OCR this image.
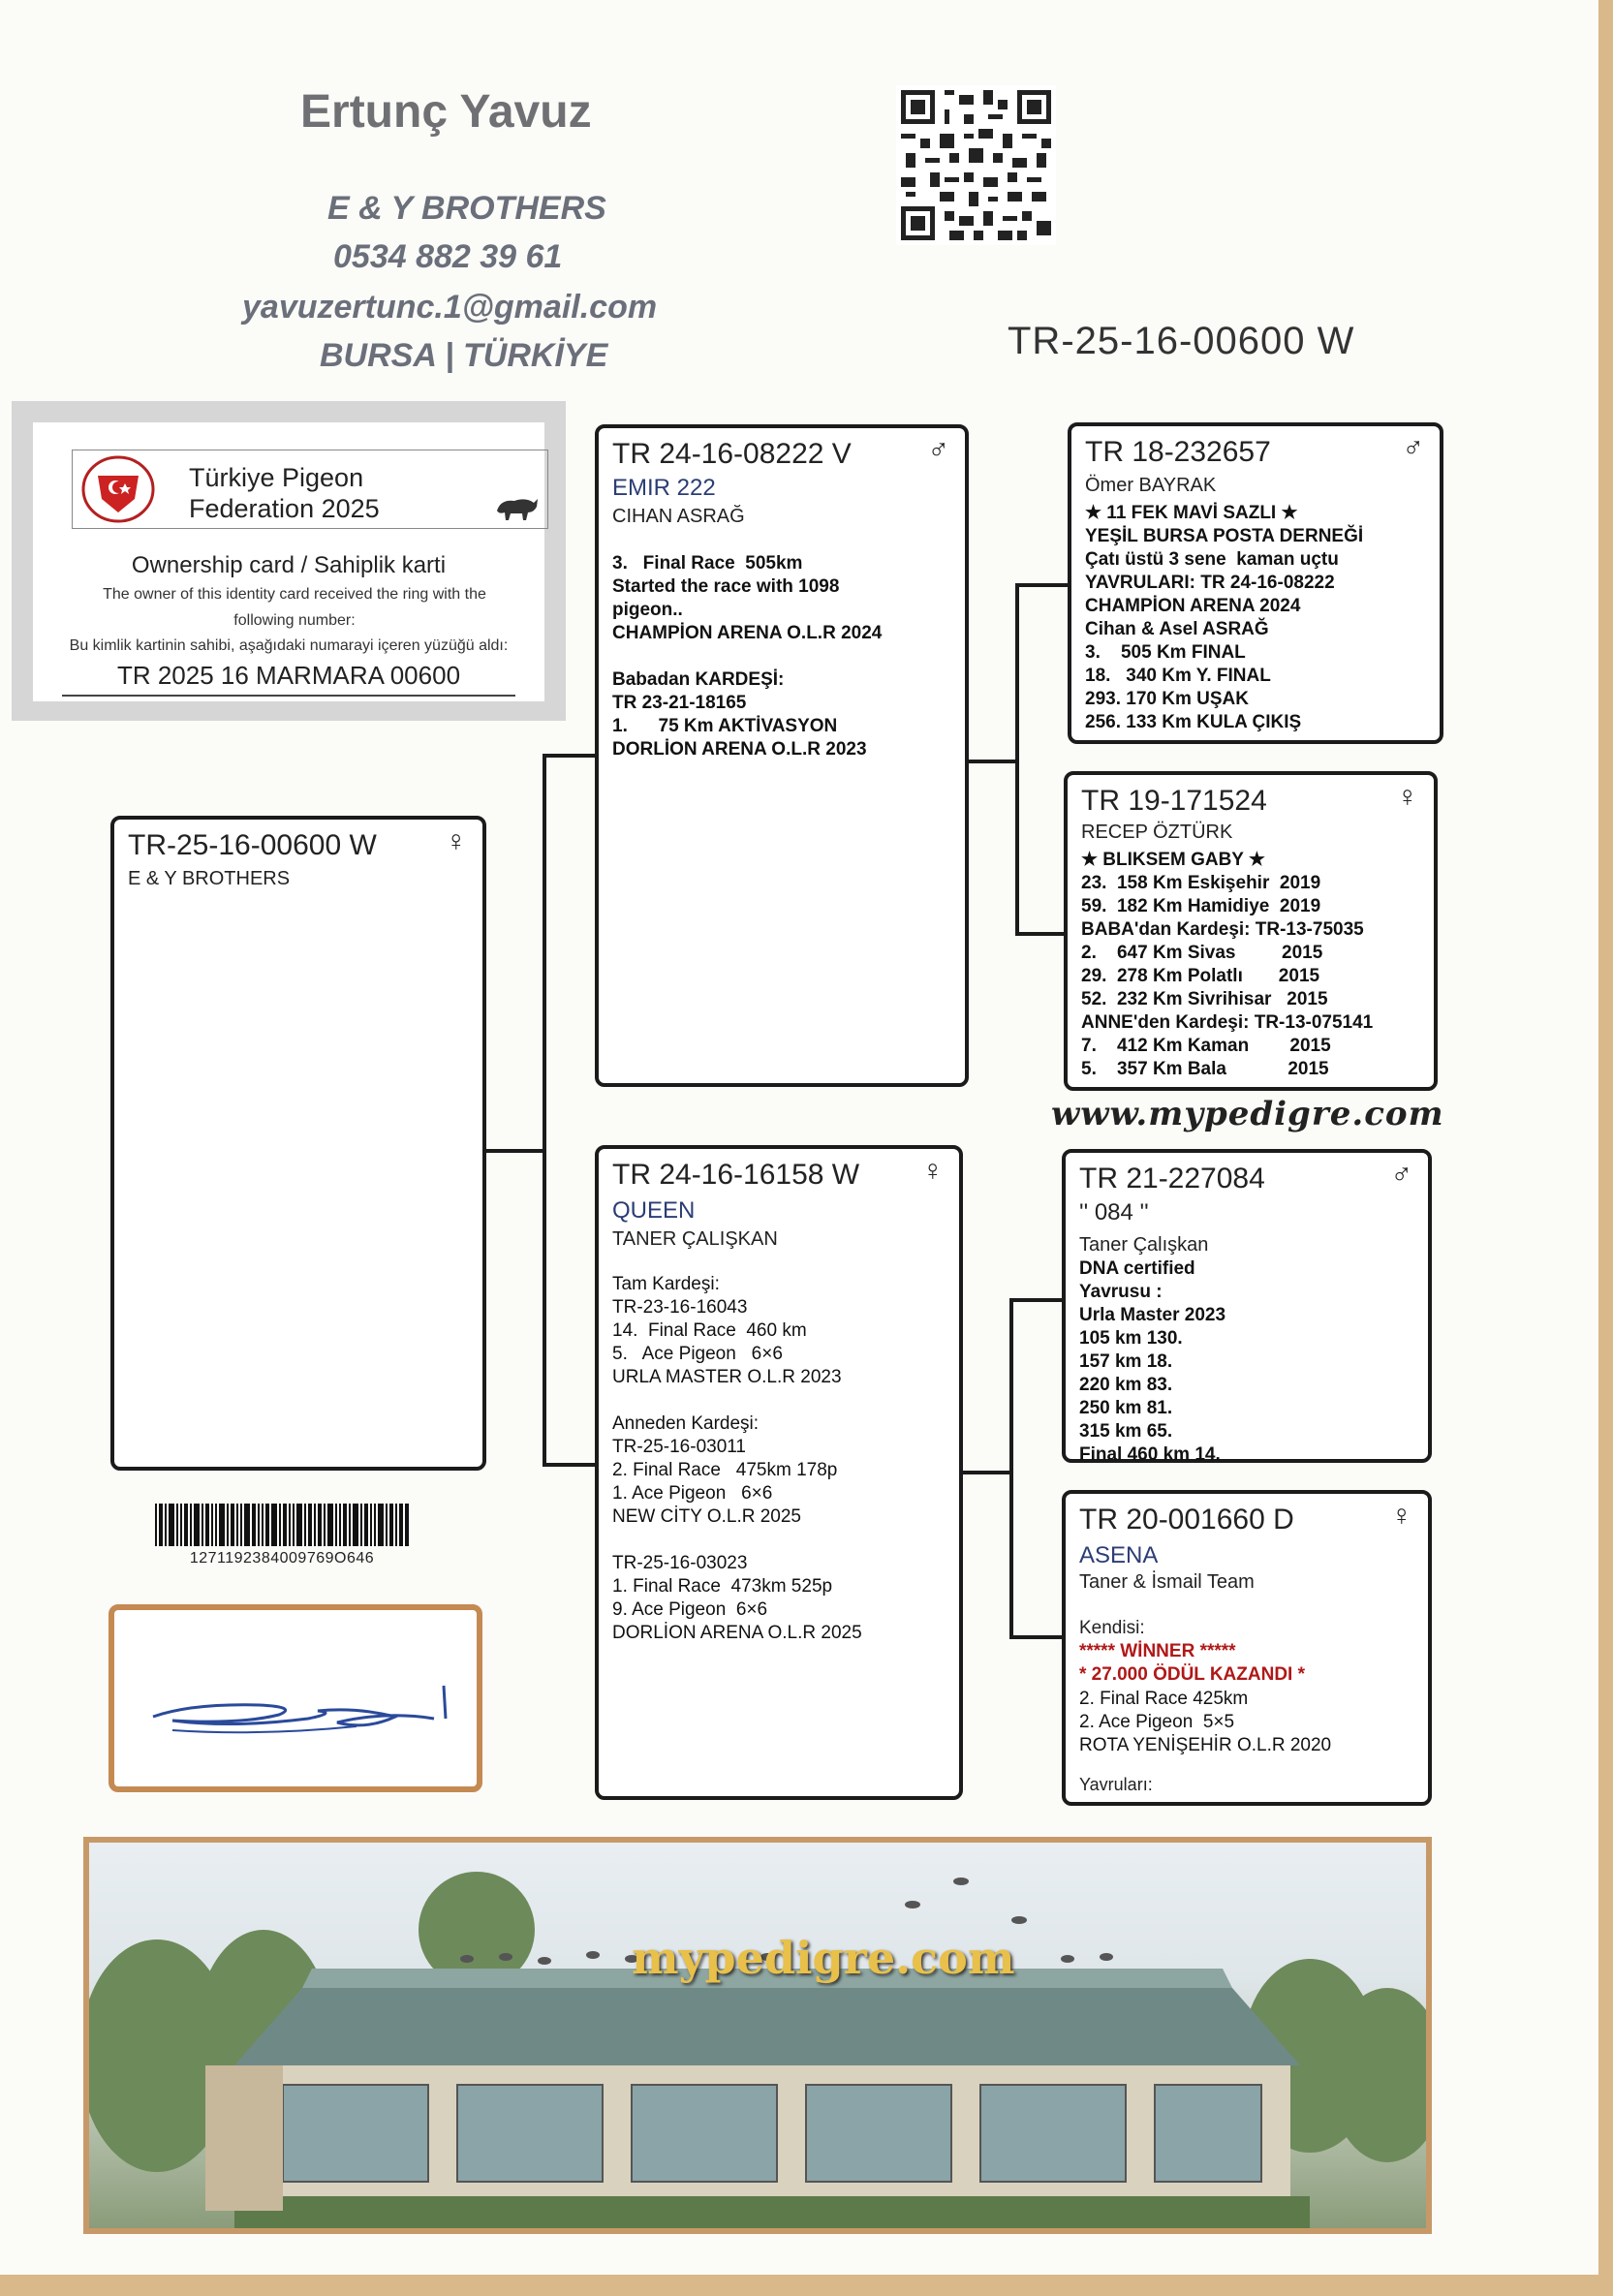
Ertunç Yavuz
E & Y BROTHERS
0534 882 39 61
yavuzertunc.1@gmail.com
BURSA | TÜRKİYE	TR-25-16-00600 W
Türkiye Pigeon
Federation 2025
Ownership card / Sahiplik karti
The owner of this identity card received the ring with the following number:
Bu kimlik kartinin sahibi, aşağıdaki numarayi içeren yüzüğü aldı:
TR 2025 16 MARMARA 00600
TR-25-16-00600 W ♀
E & Y BROTHERS
TR 24-16-08222 V	♂
EMIR 222
CIHAN ASRAĞ
3.   Final Race  505km
Started the race with 1098
pigeon..
CHAMPİON ARENA O.L.R 2024

Babadan KARDEŞİ:
TR 23-21-18165
1.      75 Km AKTİVASYON
DORLİON ARENA O.L.R 2023
TR 24-16-16158 W ♀
QUEEN
TANER ÇALIŞKAN
Tam Kardeşi:
TR-23-16-16043
14.  Final Race  460 km
5.   Ace Pigeon   6×6
URLA MASTER O.L.R 2023

Anneden Kardeşi:
TR-25-16-03011
2. Final Race   475km 178p
1. Ace Pigeon   6×6
NEW CİTY O.L.R 2025

TR-25-16-03023
1. Final Race  473km 525p
9. Ace Pigeon  6×6
DORLİON ARENA O.L.R 2025
TR 18-232657	♂
Ömer BAYRAK
★ 11 FEK MAVİ SAZLI ★
YEŞİL BURSA POSTA DERNEĞİ
Çatı üstü 3 sene  kaman uçtu
YAVRULARI: TR 24-16-08222
CHAMPİON ARENA 2024
Cihan & Asel ASRAĞ
3.    505 Km FINAL
18.   340 Km Y. FINAL
293. 170 Km UŞAK
256. 133 Km KULA ÇIKIŞ
TR 19-171524	♀
RECEP ÖZTÜRK
★ BLIKSEM GABY ★
23.  158 Km Eskişehir  2019
59.  182 Km Hamidiye  2019
BABA'dan Kardeşi: TR-13-75035
2.    647 Km Sivas         2015
29.  278 Km Polatlı       2015
52.  232 Km Sivrihisar   2015
ANNE'den Kardeşi: TR-13-075141
7.    412 Km Kaman        2015
5.    357 Km Bala            2015
www.mypedigre.com
TR 21-227084	♂
'' 084 ''
Taner Çalışkan
DNA certified
Yavrusu :
Urla Master 2023
105 km 130.
157 km 18.
220 km 83.
250 km 81.
315 km 65.
Final 460 km 14.
TR 20-001660 D	♀
ASENA
Taner & İsmail Team
Kendisi:
***** WİNNER *****
* 27.000 ÖDÜL KAZANDI *
2. Final Race 425km
2. Ace Pigeon  5×5
ROTA YENİŞEHİR O.L.R 2020
Yavruları:
1271192384009769O646
mypedigre.com
